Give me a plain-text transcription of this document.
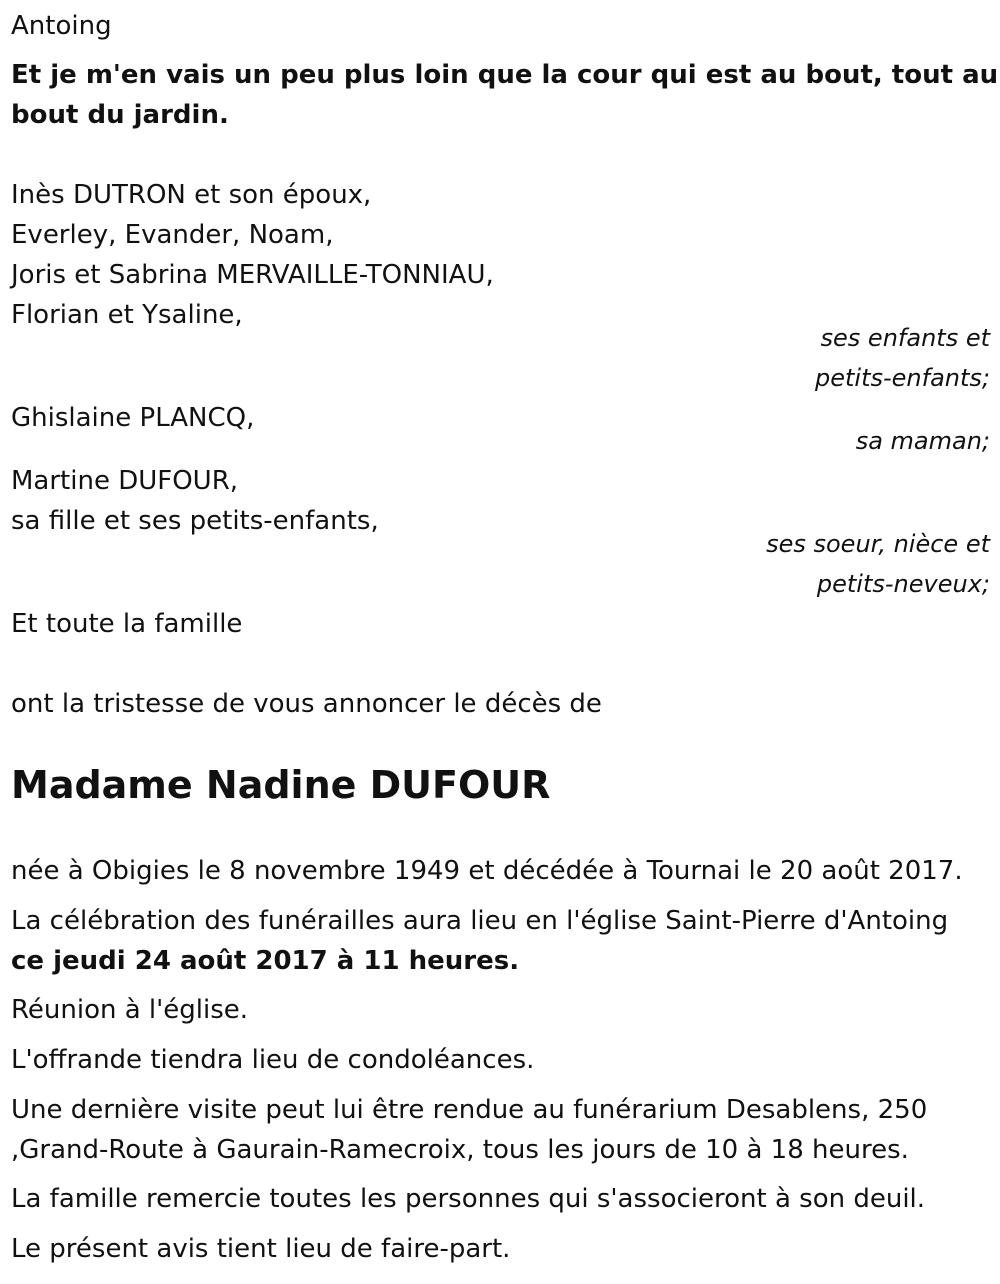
Antoing
Et je m'en vais un peu plus loin que la cour qui est au bout, tout au
bout du jardin.
Inès DUTRON et son époux,
Everley, Evander, Noam,
Joris et Sabrina MERVAILLE-TONNIAU,
Florian et Ysaline,
ses enfants et
petits-enfants;
Ghislaine PLANCQ,
sa maman;
Martine DUFOUR,
sa fille et ses petits-enfants,
ses soeur, nièce et
petits-neveux;
Et toute la famille
ont la tristesse de vous annoncer le décès de
Madame Nadine DUFOUR
née à Obigies le 8 novembre 1949 et décédée à Tournai le 20 août 2017.
La célébration des funérailles aura lieu en l'église Saint-Pierre d'Antoing
ce jeudi 24 août 2017 à 11 heures.
Réunion à l'église.
L'offrande tiendra lieu de condoléances.
Une dernière visite peut lui être rendue au funérarium Desablens, 250
,Grand-Route à Gaurain-Ramecroix, tous les jours de 10 à 18 heures.
La famille remercie toutes les personnes qui s'associeront à son deuil.
Le présent avis tient lieu de faire-part.
